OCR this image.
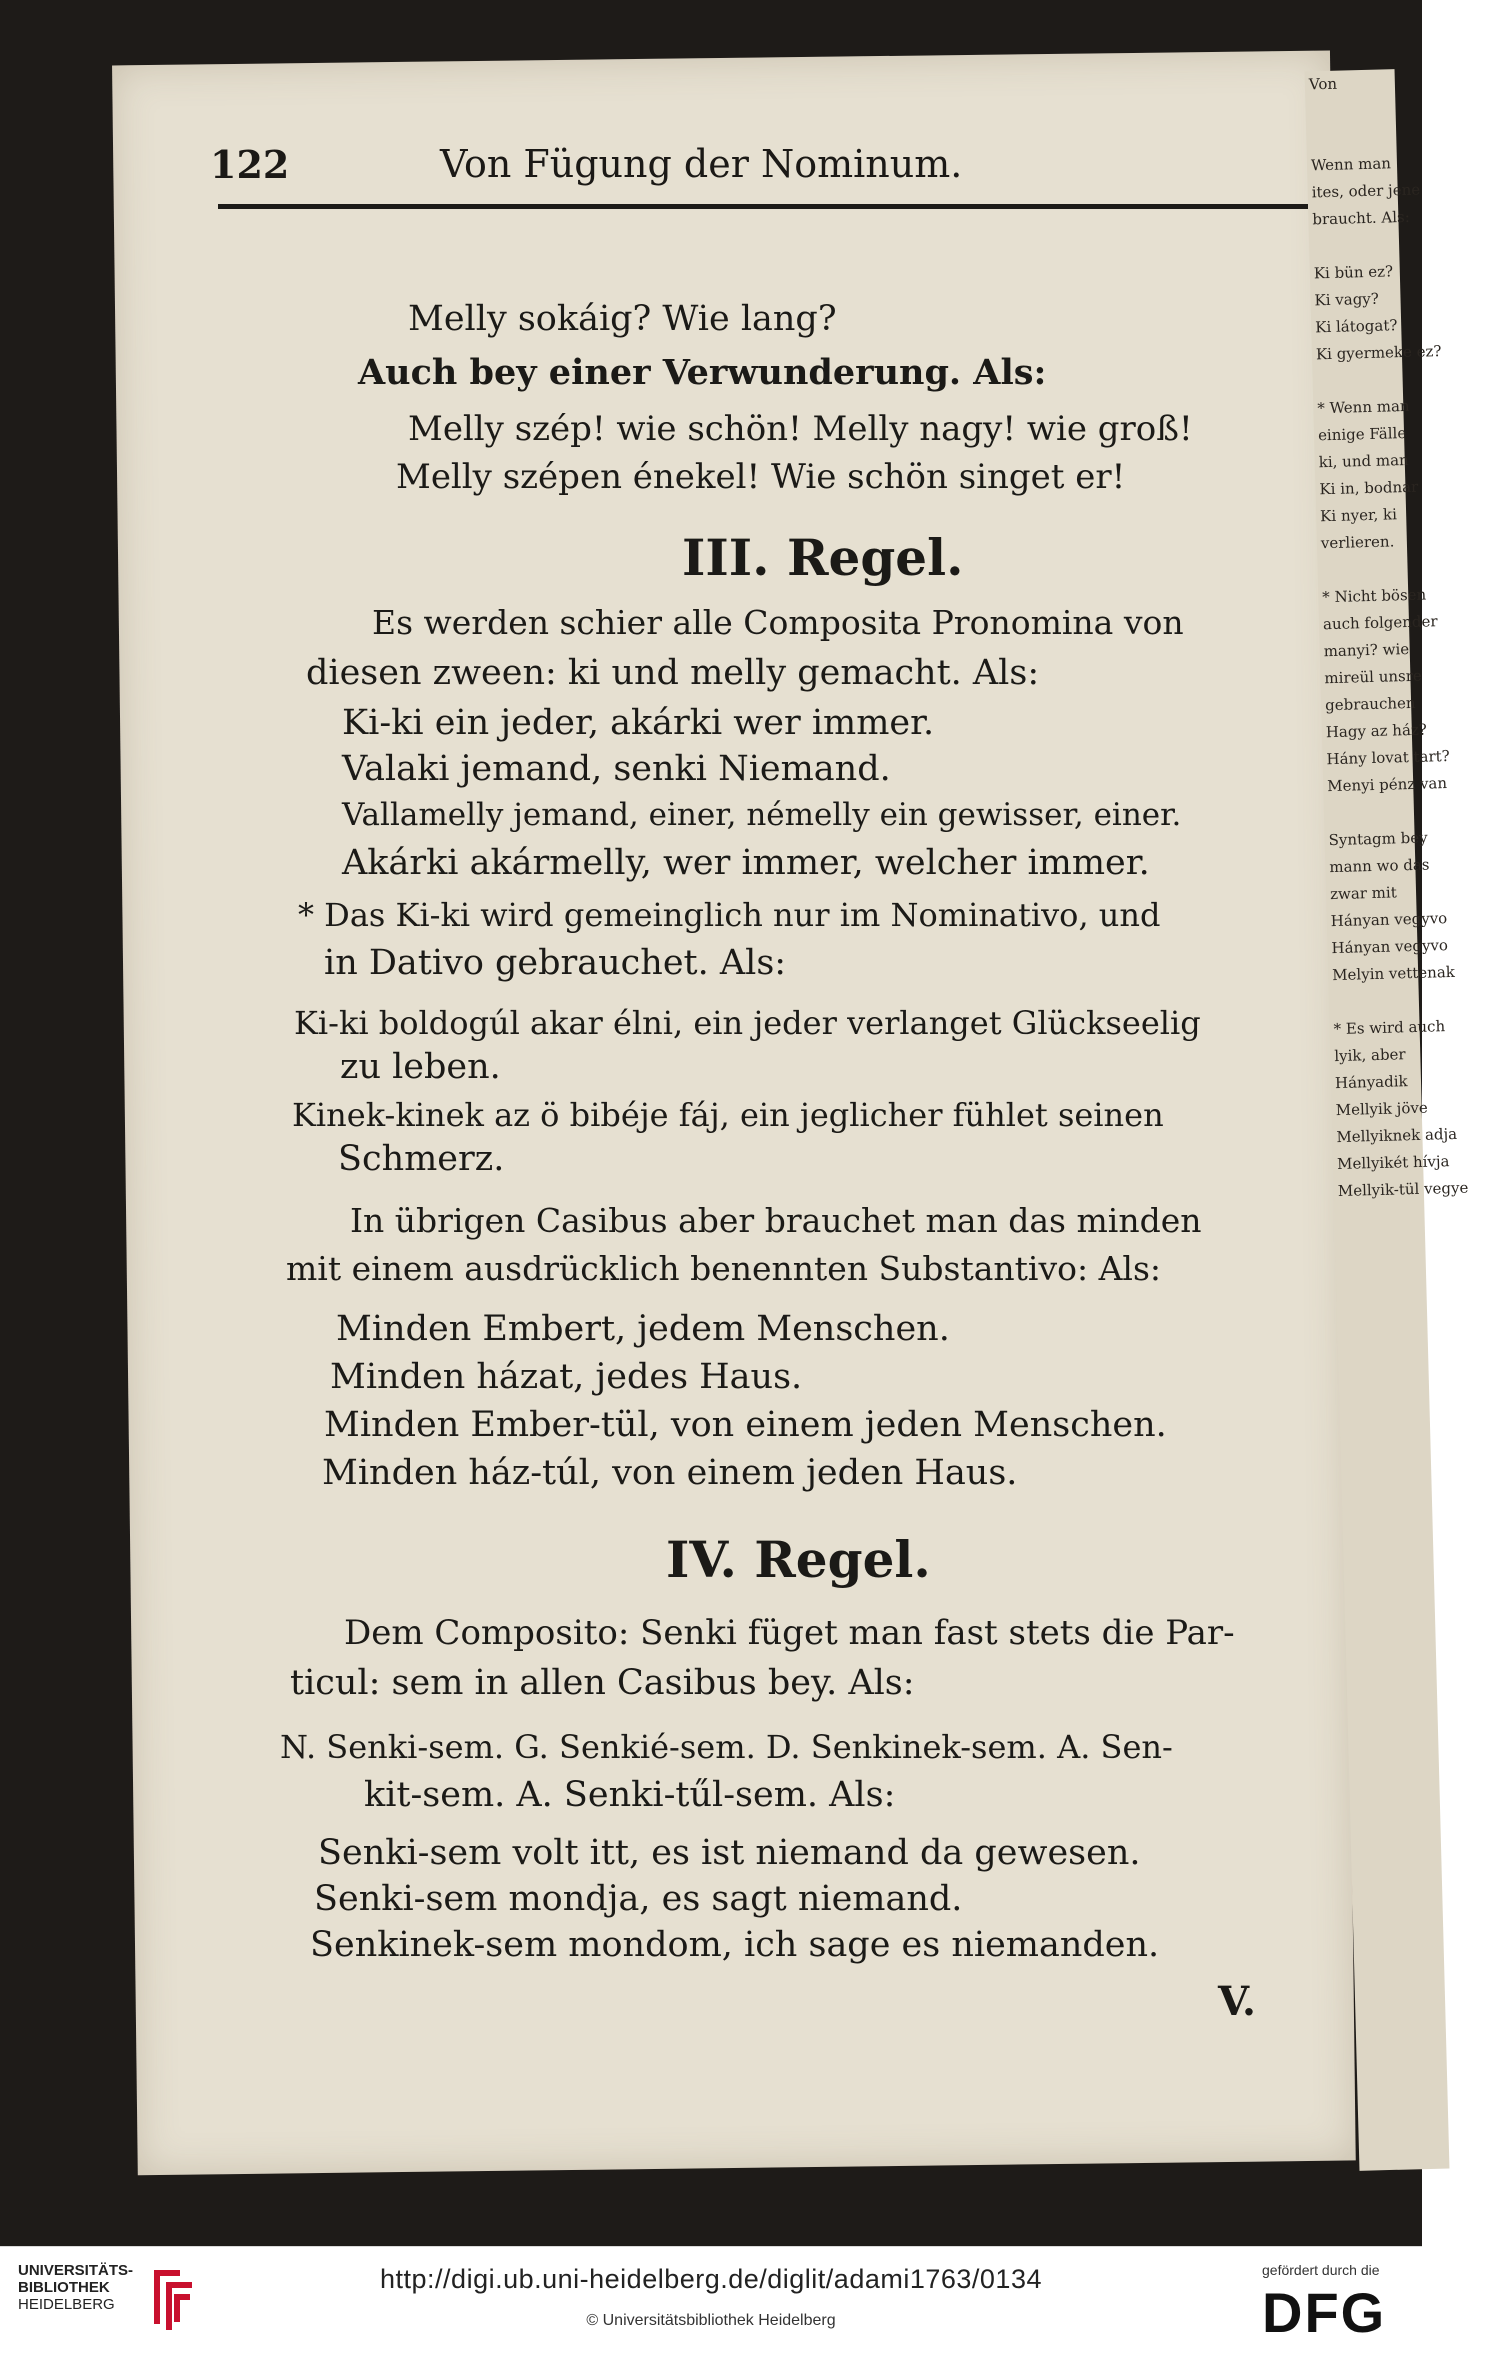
Von

Wenn man
ites, oder jene
braucht. Als:

Ki bün ez?
Ki vagy?
Ki látogat?
Ki gyermeke ez?

* Wenn man
einige Fälle
ki, und man
Ki in, bodnar
Ki nyer, ki
verlieren.

* Nicht bösen
auch folgender
manyi? wie
mireül unsre
gebrauchen
Hagy az ház?
Hány lovat tart?
Menyi pénz van

Syntagm bey
mann wo das
zwar mit
Hányan vegyvo
Hányan vegyvo
Melyin vettenak

* Es wird auch
lyik, aber
Hányadik
Mellyik jöve
Mellyiknek adja
Mellyikét hívja
Mellyik-tül vegye
122	Von Fügung der Nominum.
Melly sokáig? Wie lang?
Auch bey einer Verwunderung. Als:
Melly szép! wie schön! Melly nagy! wie groß!
Melly szépen énekel! Wie schön singet er!
III. Regel.
Es werden schier alle Composita Pronomina von
diesen zween: ki und melly gemacht. Als:
Ki-ki ein jeder, akárki wer immer.
Valaki jemand, senki Niemand.
Vallamelly jemand, einer, némelly ein gewisser, einer.
Akárki akármelly, wer immer, welcher immer.
* Das Ki-ki wird gemeinglich nur im Nominativo, und
in Dativo gebrauchet. Als:
Ki-ki boldogúl akar élni, ein jeder verlanget Glückseelig
zu leben.
Kinek-kinek az ö bibéje fáj, ein jeglicher fühlet seinen
Schmerz.
In übrigen Casibus aber brauchet man das minden
mit einem ausdrücklich benennten Substantivo: Als:
Minden Embert, jedem Menschen.
Minden házat, jedes Haus.
Minden Ember-tül, von einem jeden Menschen.
Minden ház-túl, von einem jeden Haus.
IV. Regel.
Dem Composito: Senki füget man fast stets die Par-
ticul: sem in allen Casibus bey. Als:
N. Senki-sem. G. Senkié-sem. D. Senkinek-sem. A. Sen-
kit-sem. A. Senki-tűl-sem. Als:
Senki-sem volt itt, es ist niemand da gewesen.
Senki-sem mondja, es sagt niemand.
Senkinek-sem mondom, ich sage es niemanden.
V.
UNIVERSITÄTS-
BIBLIOTHEK
HEIDELBERG
http://digi.ub.uni-heidelberg.de/diglit/adami1763/0134
© Universitätsbibliothek Heidelberg
gefördert durch die
DFG
